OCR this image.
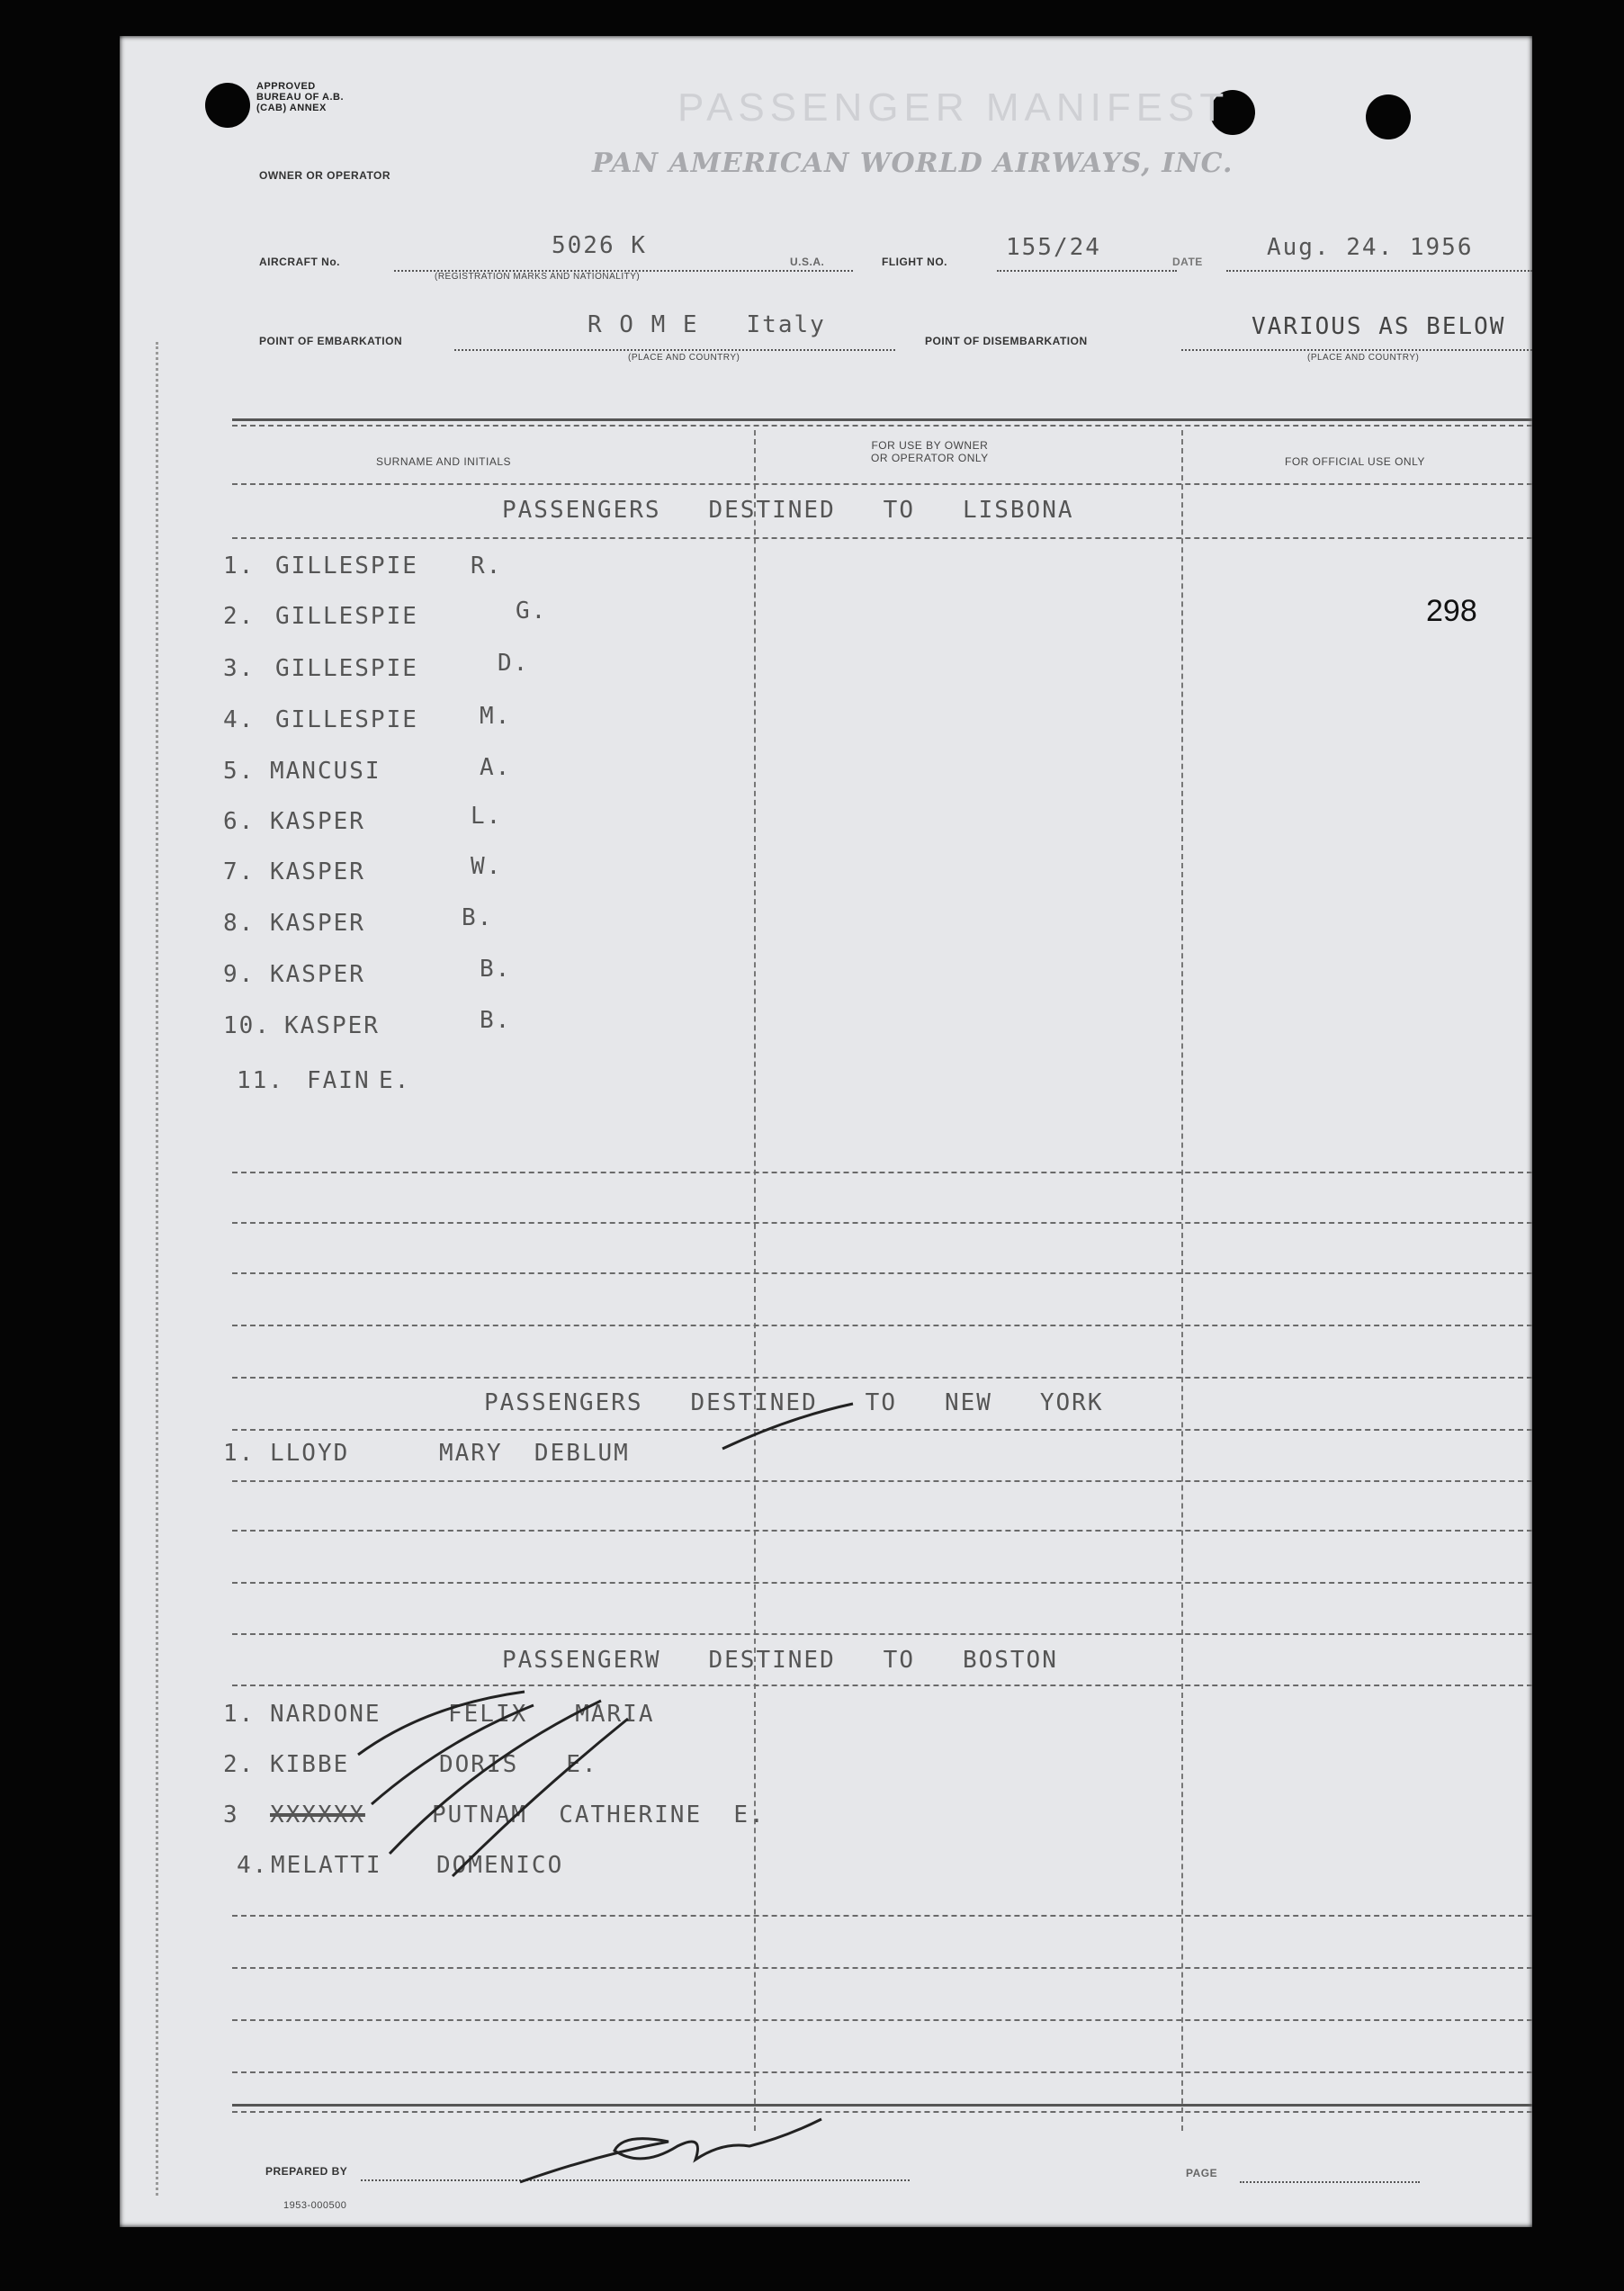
APPROVED
BUREAU OF A.B.
(CAB) ANNEX	PASSENGER MANIFEST
OWNER OR OPERATOR	PAN AMERICAN WORLD AIRWAYS, INC.
AIRCRAFT No.
5026 K
(REGISTRATION MARKS AND NATIONALITY)
U.S.A.	FLIGHT NO.
155/24
DATE
Aug. 24. 1956
POINT OF EMBARKATION
R O M E   Italy
(PLACE AND COUNTRY)
POINT OF DISEMBARKATION
VARIOUS AS BELOW
(PLACE AND COUNTRY)
SURNAME AND INITIALS
FOR USE BY OWNER
OR OPERATOR ONLY	FOR OFFICIAL USE ONLY
PASSENGERS   DESTINED   TO   LISBONA
1. GILLESPIE R.
2. GILLESPIE	G.
3. GILLESPIE	D.
4. GILLESPIE	M.
5. MANCUSI	A.
6. KASPER	L.
7. KASPER	W.
8. KASPER	B.
9. KASPER	B.
10. KASPER	B.
11. FAIN E.
298
PASSENGERS   DESTINED   TO   NEW   YORK
1. LLOYD	MARY  DEBLUM
PASSENGERW   DESTINED   TO   BOSTON
1. NARDONE	FELIX   MARIA
2. KIBBE	DORIS   E.
3 XXXXXX	PUTNAM  CATHERINE  E.
4. MELATTI DOMENICO
PREPARED BY
1953-000500
PAGE
